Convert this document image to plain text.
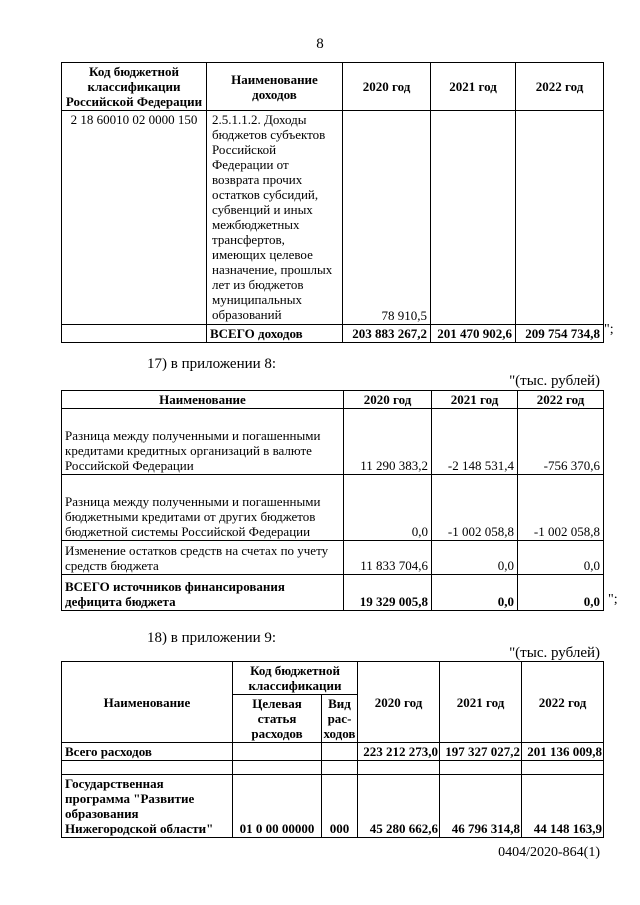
8
Код бюджетной классификации Российской Федерации	Наименование доходов	2020 год	2021 год	2022 год
2 18 60010 02 0000 150	2.5.1.1.2. Доходы бюджетов субъектов Российской Федерации от возврата прочих остатков субсидий, субвенций и иных межбюджетных трансфертов, имеющих целевое назначение, прошлых лет из бюджетов муниципальных образований	78 910,5		
	ВСЕГО доходов	203 883 267,2	201 470 902,6	209 754 734,8 ";
17) в приложении 8:
"(тыс. рублей)
Наименование	2020 год	2021 год	2022 год
Разница между полученными и погашенными кредитами кредитных организаций в валюте Российской Федерации	11 290 383,2	-2 148 531,4	-756 370,6
Разница между полученными и погашенными бюджетными кредитами от других бюджетов бюджетной системы Российской Федерации	0,0	-1 002 058,8	-1 002 058,8
Изменение остатков средств на счетах по учету средств бюджета	11 833 704,6	0,0	0,0
ВСЕГО источников финансирования дефицита бюджета	19 329 005,8	0,0	0,0 ";
18) в приложении 9:
"(тыс. рублей)
Наименование	Код бюджетной классификации		2020 год	2021 год	2022 год
	Целевая статья расходов	Вид рас-ходов			
Всего расходов			223 212 273,0	197 327 027,2	201 136 009,8

Государственная программа "Развитие образования Нижегородской области"	01 0 00 00000	000	45 280 662,6	46 796 314,8	44 148 163,9
0404/2020-864(1)
